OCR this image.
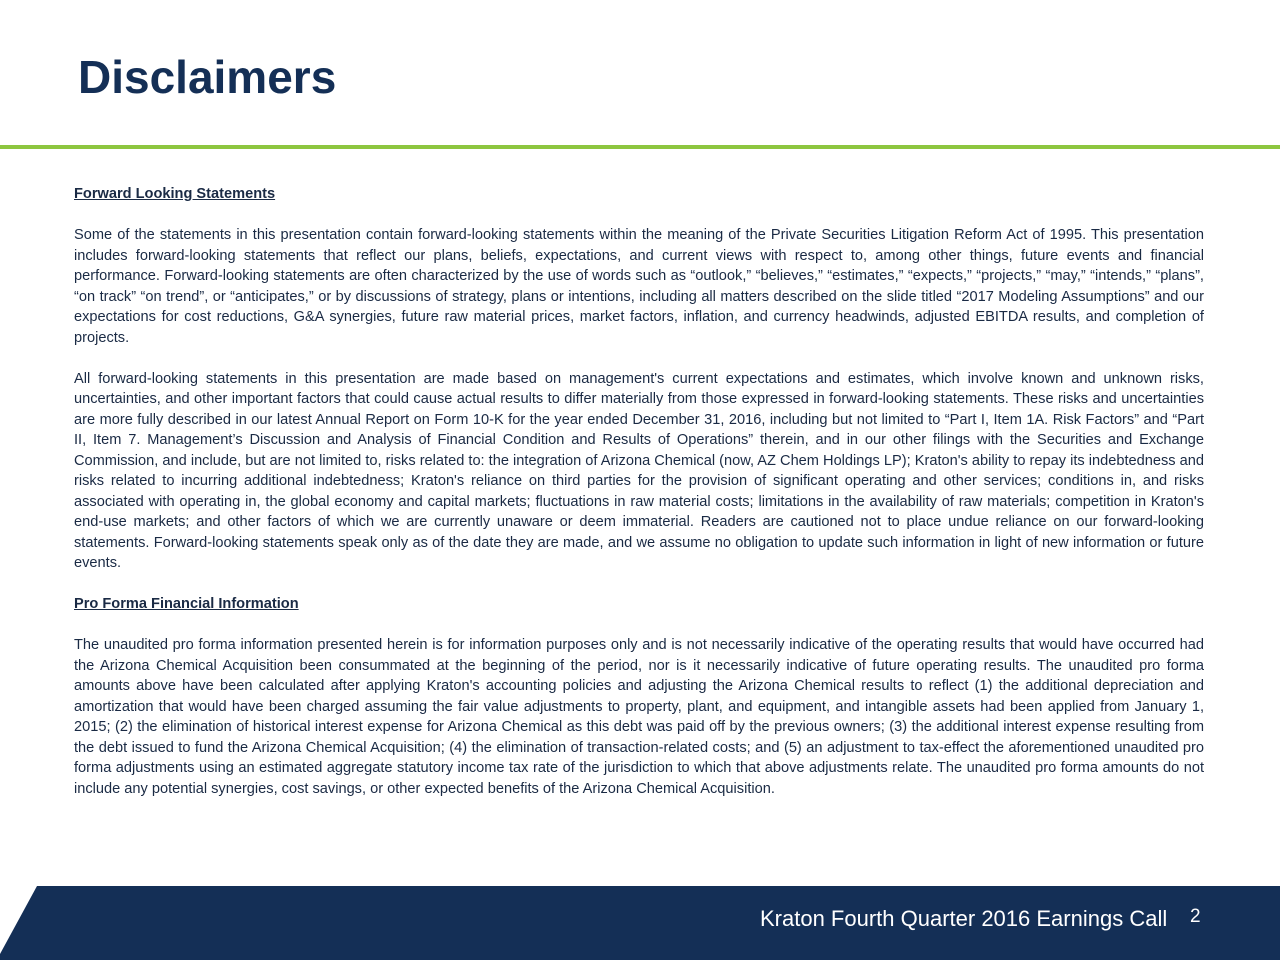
Disclaimers

Forward Looking Statements

Some of the statements in this presentation contain forward-looking statements within the meaning of the Private Securities Litigation Reform Act of 1995. This presentation includes forward-looking statements that reflect our plans, beliefs, expectations, and current views with respect to, among other things, future events and financial performance. Forward-looking statements are often characterized by the use of words such as “outlook,” “believes,” “estimates,” “expects,” “projects,” “may,” “intends,” “plans”, “on track” “on trend”, or “anticipates,” or by discussions of strategy, plans or intentions, including all matters described on the slide titled “2017 Modeling Assumptions” and our expectations for cost reductions, G&A synergies, future raw material prices, market factors, inflation, and currency headwinds, adjusted EBITDA results, and completion of projects.

All forward-looking statements in this presentation are made based on management's current expectations and estimates, which involve known and unknown risks, uncertainties, and other important factors that could cause actual results to differ materially from those expressed in forward-looking statements. These risks and uncertainties are more fully described in our latest Annual Report on Form 10-K for the year ended December 31, 2016, including but not limited to “Part I, Item 1A. Risk Factors” and “Part II, Item 7. Management’s Discussion and Analysis of Financial Condition and Results of Operations” therein, and in our other filings with the Securities and Exchange Commission, and include, but are not limited to, risks related to: the integration of Arizona Chemical (now, AZ Chem Holdings LP); Kraton's ability to repay its indebtedness and risks related to incurring additional indebtedness; Kraton's reliance on third parties for the provision of significant operating and other services; conditions in, and risks associated with operating in, the global economy and capital markets; fluctuations in raw material costs; limitations in the availability of raw materials; competition in Kraton's end-use markets; and other factors of which we are currently unaware or deem immaterial. Readers are cautioned not to place undue reliance on our forward-looking statements. Forward-looking statements speak only as of the date they are made, and we assume no obligation to update such information in light of new information or future events.

Pro Forma Financial Information

The unaudited pro forma information presented herein is for information purposes only and is not necessarily indicative of the operating results that would have occurred had the Arizona Chemical Acquisition been consummated at the beginning of the period, nor is it necessarily indicative of future operating results. The unaudited pro forma amounts above have been calculated after applying Kraton's accounting policies and adjusting the Arizona Chemical results to reflect (1) the additional depreciation and amortization that would have been charged assuming the fair value adjustments to property, plant, and equipment, and intangible assets had been applied from January 1, 2015; (2) the elimination of historical interest expense for Arizona Chemical as this debt was paid off by the previous owners; (3) the additional interest expense resulting from the debt issued to fund the Arizona Chemical Acquisition; (4) the elimination of transaction-related costs; and (5) an adjustment to tax-effect the aforementioned unaudited pro forma adjustments using an estimated aggregate statutory income tax rate of the jurisdiction to which that above adjustments relate. The unaudited pro forma amounts do not include any potential synergies, cost savings, or other expected benefits of the Arizona Chemical Acquisition.

Kraton Fourth Quarter 2016 Earnings Call 2
